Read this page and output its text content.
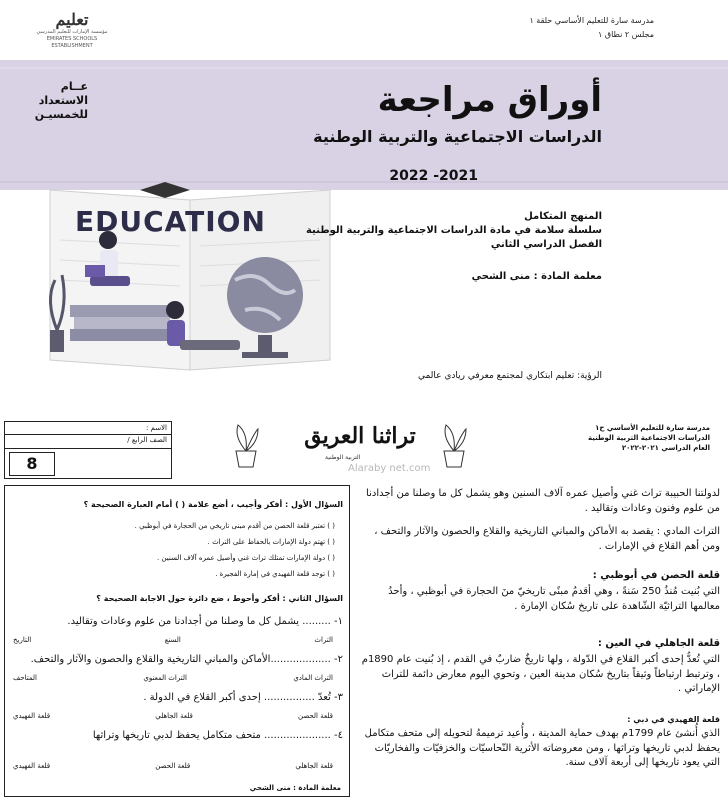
مدرسة سارة للتعليم الأساسي حلقة ١
مجلس ٢ نطاق ١
تعليم
مؤسسة الإمارات للتعليم المدرسي
EMIRATES SCHOOLS ESTABLISHMENT
عــام
الاستعداد
للخمسيـن	أوراق مراجعة
الدراسات الاجتماعية والتربية الوطنية
2022 -2021
EDUCATION	المنهج المتكامل
سلسلة سلامة في مادة الدراسات الاجتماعية والتربية الوطنية
الفصل الدراسي الثاني
معلمة المادة : منى الشحي
الرؤية: تعليم ابتكاري لمجتمع معرفي ريادي عالمي
مدرسة سارة للتعليم الأساسي ح١
الدراسات الاجتماعية التربية الوطنية
العام الدراسي ٢٠٢١-٢٠٢٢
تراثنا العريق
التربية الوطنية
Alaraby net.com
الاسم :
الصف الرابع /
8
السؤال الأول : أفكر وأجيب ، أضع علامة ( ) أمام العبارة الصحيحة ؟
( ) تعتبر قلعة الحصن من أقدم مبنى تاريخي من الحجارة في أبوظبي .
( ) تهتم دولة الإمارات بالحفاظ على التراث .
( ) دولة الإمارات تمتلك تراث غني وأصيل عمره آلاف السنين .
( ) توجد قلعة الفهيدي في إمارة الفجيرة .
السؤال الثاني : أفكر وأحوط ، ضع دائرة حول الاجابة الصحيحة ؟
١- ......... يشمل كل ما وصلنا من أجدادنا من علوم وعادات وتقاليد.
التراث
السنع
التاريخ
٢- ...................الأماكن والمباني التاريخية والقلاع والحصون والآثار والتحف.
التراث المادي
التراث المعنوي
المتاحف
٣- تُعدّ ................ إحدى أكبر القلاع في الدولة .
قلعة الحصن
قلعة الجاهلي
قلعة الفهيدي
٤- ..................... متحف متكامل يحفظ لدبي تاريخها وتراثها
قلعة الجاهلي
قلعة الحصن
قلعة الفهيدي
معلمة المادة : منى الشحي
لدولتنا الحبيبة تراث غني وأصيل عمره آلاف السنين وهو يشمل كل ما وصلنا من أجدادنا من علوم وفنون وعادات وتقاليد .
التراث المادي : يقصد به الأماكن والمباني التاريخية والقلاع والحصون والآثار والتحف ، ومن أهم القلاع في الإمارات .
قلعة الحصن في أبوظبي :
التي بُنيت مُنذُ 250 سَنةً ، وهي أقدمُ مبنًى تاريخيّ منَ الحجارة في أبوظبي ، وأحدُ معالمها التراثيّة الشّاهدة على تاريخ سُكان الإمارة .
قلعة الجاهلي في العين :
التي تُعدُّ إحدى أكبر القلاع في الدّولة ، ولها تاريخٌ ضاربٌ في القدم ، إذ بُنيت عام 1890م ، وترتبط ارتباطاً وثيقاً بتاريخ سُكان مدينة العين ، وتحوي اليوم معارض دائمة للتراث الإماراتي .
قلعة الفهيدي في دبي :
الذي أُنشئ عام 1799م بهدف حماية المدينة ، وأُعيد ترميمهُ لتحويله إلى متحف متكامل يحفظ لدبي تاريخها وتراثها ، ومن معروضاته الأثرية النّحاسيّات والخزفيّات والفخاريّات التي يعود تاريخها إلى أربعة آلاف سنة.
